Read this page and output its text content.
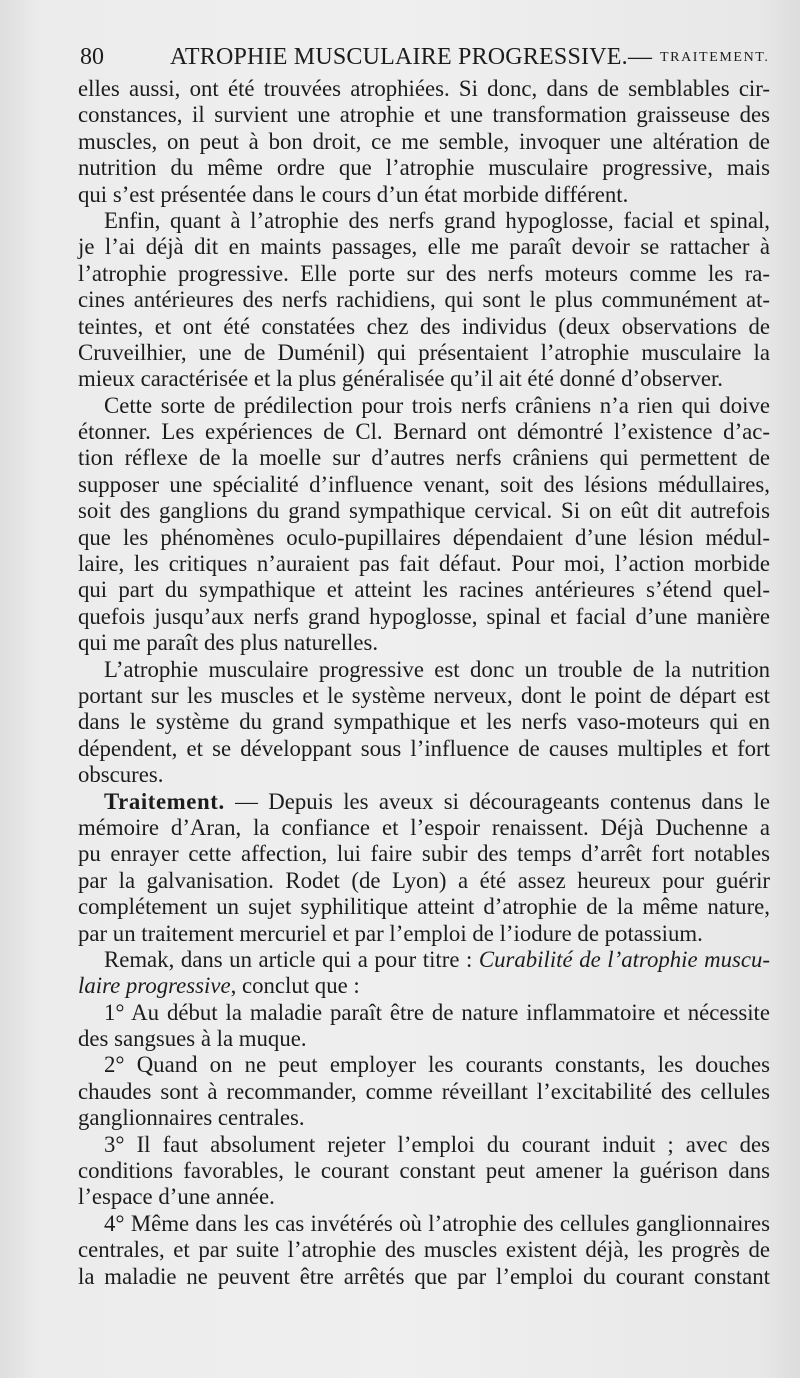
80	ATROPHIE MUSCULAIRE PROGRESSIVE. — TRAITEMENT.
elles aussi, ont été trouvées atrophiées. Si donc, dans de semblables cir-
constances, il survient une atrophie et une transformation graisseuse des
muscles, on peut à bon droit, ce me semble, invoquer une altération de
nutrition du même ordre que l’atrophie musculaire progressive, mais
qui s’est présentée dans le cours d’un état morbide différent.
Enfin, quant à l’atrophie des nerfs grand hypoglosse, facial et spinal,
je l’ai déjà dit en maints passages, elle me paraît devoir se rattacher à
l’atrophie progressive. Elle porte sur des nerfs moteurs comme les ra-
cines antérieures des nerfs rachidiens, qui sont le plus communément at-
teintes, et ont été constatées chez des individus (deux observations de
Cruveilhier, une de Duménil) qui présentaient l’atrophie musculaire la
mieux caractérisée et la plus généralisée qu’il ait été donné d’observer.
Cette sorte de prédilection pour trois nerfs crâniens n’a rien qui doive
étonner. Les expériences de Cl. Bernard ont démontré l’existence d’ac-
tion réflexe de la moelle sur d’autres nerfs crâniens qui permettent de
supposer une spécialité d’influence venant, soit des lésions médullaires,
soit des ganglions du grand sympathique cervical. Si on eût dit autrefois
que les phénomènes oculo-pupillaires dépendaient d’une lésion médul-
laire, les critiques n’auraient pas fait défaut. Pour moi, l’action morbide
qui part du sympathique et atteint les racines antérieures s’étend quel-
quefois jusqu’aux nerfs grand hypoglosse, spinal et facial d’une manière
qui me paraît des plus naturelles.
L’atrophie musculaire progressive est donc un trouble de la nutrition
portant sur les muscles et le système nerveux, dont le point de départ est
dans le système du grand sympathique et les nerfs vaso-moteurs qui en
dépendent, et se développant sous l’influence de causes multiples et fort
obscures.
Traitement. — Depuis les aveux si décourageants contenus dans le
mémoire d’Aran, la confiance et l’espoir renaissent. Déjà Duchenne a
pu enrayer cette affection, lui faire subir des temps d’arrêt fort notables
par la galvanisation. Rodet (de Lyon) a été assez heureux pour guérir
complétement un sujet syphilitique atteint d’atrophie de la même nature,
par un traitement mercuriel et par l’emploi de l’iodure de potassium.
Remak, dans un article qui a pour titre : Curabilité de l’atrophie muscu-
laire progressive, conclut que :
1° Au début la maladie paraît être de nature inflammatoire et nécessite
des sangsues à la muque.
2° Quand on ne peut employer les courants constants, les douches
chaudes sont à recommander, comme réveillant l’excitabilité des cellules
ganglionnaires centrales.
3° Il faut absolument rejeter l’emploi du courant induit ; avec des
conditions favorables, le courant constant peut amener la guérison dans
l’espace d’une année.
4° Même dans les cas invétérés où l’atrophie des cellules ganglionnaires
centrales, et par suite l’atrophie des muscles existent déjà, les progrès de
la maladie ne peuvent être arrêtés que par l’emploi du courant constant
